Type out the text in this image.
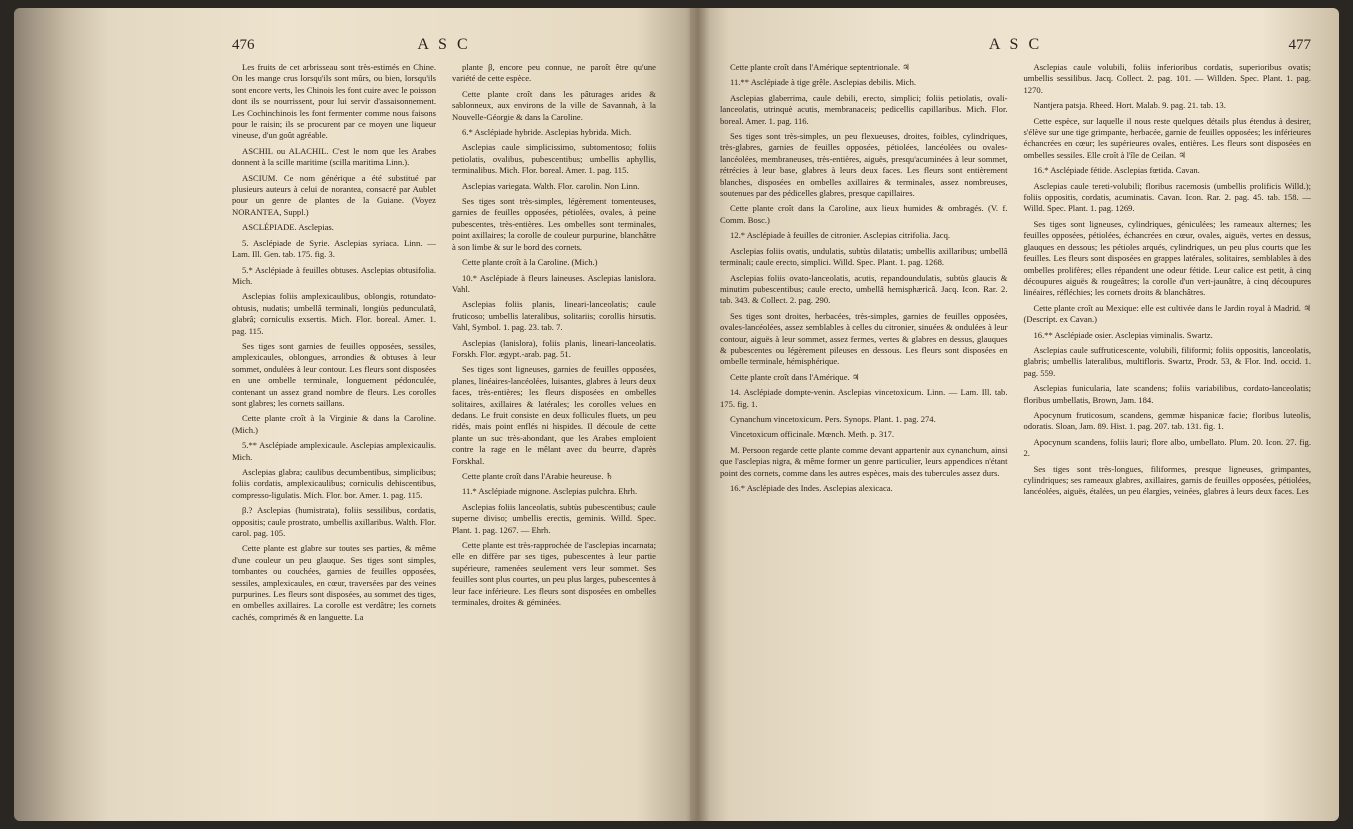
476	A S C

Les fruits de cet arbrisseau sont très-estimés en Chine. On les mange crus lorsqu'ils sont mûrs, ou bien, lorsqu'ils sont encore verts, les Chinois les font cuire avec le poisson dont ils se nourrissent, pour lui servir d'assaisonnement. Les Cochinchinois les font fermenter comme nous faisons pour le raisin; ils se procurent par ce moyen une liqueur vineuse, d'un goût agréable.

ASCHIL ou ALACHIL. C'est le nom que les Arabes donnent à la scille maritime (scilla maritima Linn.).

ASCIUM. Ce nom générique a été substitué par plusieurs auteurs à celui de norantea, consacré par Aublet pour un genre de plantes de la Guiane. (Voyez NORANTEA, Suppl.)

ASCLÉPIADE. Asclepias.

5. Asclépiade de Syrie. Asclepias syriaca. Linn. — Lam. Ill. Gen. tab. 175. fig. 3.

5.* Asclépiade à feuilles obtuses. Asclepias obtusifolia. Mich.

Asclepias foliis amplexicaulibus, oblongis, rotundato-obtusis, nudatis; umbellâ terminali, longiùs pedunculatâ, glabrâ; corniculis exsertis. Mich. Flor. boreal. Amer. 1. pag. 115.

Ses tiges sont garnies de feuilles opposées, sessiles, amplexicaules, oblongues, arrondies & obtuses à leur sommet, ondulées à leur contour. Les fleurs sont disposées en une ombelle terminale, longuement pédonculée, contenant un assez grand nombre de fleurs. Les corolles sont glabres; les cornets saillans.

Cette plante croît à la Virginie & dans la Caroline. (Mich.)

5.** Asclépiade amplexicaule. Asclepias amplexicaulis. Mich.

Asclepias glabra; caulibus decumbentibus, simplicibus; foliis cordatis, amplexicaulibus; corniculis dehiscentibus, compresso-ligulatis. Mich. Flor. bor. Amer. 1. pag. 115.

β.? Asclepias (humistrata), foliis sessilibus, cordatis, oppositis; caule prostrato, umbellis axillaribus. Walth. Flor. carol. pag. 105.

Cette plante est glabre sur toutes ses parties, & même d'une couleur un peu glauque. Ses tiges sont simples, tombantes ou couchées, garnies de feuilles opposées, sessiles, amplexicaules, en cœur, traversées par des veines purpurines. Les fleurs sont disposées, au sommet des tiges, en ombelles axillaires. La corolle est verdâtre; les cornets cachés, comprimés & en languette. La

plante β, encore peu connue, ne paroît être qu'une variété de cette espèce.

Cette plante croît dans les pâturages arides & sablonneux, aux environs de la ville de Savannah, à la Nouvelle-Géorgie & dans la Caroline.

6.* Asclépiade hybride. Asclepias hybrida. Mich.

Asclepias caule simplicissimo, subtomentoso; foliis petiolatis, ovalibus, pubescentibus; umbellis aphyllis, terminalibus. Mich. Flor. boreal. Amer. 1. pag. 115.

Asclepias variegata. Walth. Flor. carolin. Non Linn.

Ses tiges sont très-simples, légèrement tomenteuses, garnies de feuilles opposées, pétiolées, ovales, à peine pubescentes, très-entières. Les ombelles sont terminales, point axillaires; la corolle de couleur purpurine, blanchâtre à son limbe & sur le bord des cornets.

Cette plante croît à la Caroline. (Mich.)

10.* Asclépiade à fleurs laineuses. Asclepias lanislora. Vahl.

Asclepias foliis planis, lineari-lanceolatis; caule fruticoso; umbellis lateralibus, solitariis; corollis hirsutis. Vahl, Symbol. 1. pag. 23. tab. 7.

Asclepias (lanislora), foliis planis, lineari-lanceolatis. Forskh. Flor. ægypt.-arab. pag. 51.

Ses tiges sont ligneuses, garnies de feuilles opposées, planes, linéaires-lancéolées, luisantes, glabres à leurs deux faces, très-entières; les fleurs disposées en ombelles solitaires, axillaires & latérales; les corolles velues en dedans. Le fruit consiste en deux follicules fluets, un peu ridés, mais point enflés ni hispides. Il découle de cette plante un suc très-abondant, que les Arabes emploient contre la rage en le mêlant avec du beurre, d'après Forskhal.

Cette plante croît dans l'Arabie heureuse. ♄

11.* Asclépiade mignone. Asclepias pulchra. Ehrh.

Asclepias foliis lanceolatis, subtùs pubescentibus; caule superne diviso; umbellis erectis, geminis. Willd. Spec. Plant. 1. pag. 1267. — Ehrh.

Cette plante est très-rapprochée de l'asclepias incarnata; elle en diffère par ses tiges, pubescentes à leur partie supérieure, ramenées seulement vers leur sommet. Ses feuilles sont plus courtes, un peu plus larges, pubescentes à leur face inférieure. Les fleurs sont disposées en ombelles terminales, droites & géminées.

A S C	477

Cette plante croît dans l'Amérique septentrionale. ♃

11.** Asclépiade à tige grêle. Asclepias debilis. Mich.

Asclepias glaberrima, caule debili, erecto, simplici; foliis petiolatis, ovali-lanceolatis, utrinquè acutis, membranaceis; pedicellis capillaribus. Mich. Flor. boreal. Amer. 1. pag. 116.

Ses tiges sont très-simples, un peu flexueuses, droites, foibles, cylindriques, très-glabres, garnies de feuilles opposées, pétiolées, lancéolées ou ovales-lancéolées, membraneuses, très-entières, aiguës, presqu'acuminées à leur sommet, rétrécies à leur base, glabres à leurs deux faces. Les fleurs sont entièrement blanches, disposées en ombelles axillaires & terminales, assez nombreuses, soutenues par des pédicelles glabres, presque capillaires.

Cette plante croît dans la Caroline, aux lieux humides & ombragés. (V. f. Comm. Bosc.)

12.* Asclépiade à feuilles de citronier. Asclepias citrifolia. Jacq.

Asclepias foliis ovatis, undulatis, subtùs dilatatis; umbellis axillaribus; umbellâ terminali; caule erecto, simplici. Willd. Spec. Plant. 1. pag. 1268.

Asclepias foliis ovato-lanceolatis, acutis, repandoundulatis, subtùs glaucis & minutim pubescentibus; caule erecto, umbellâ hemisphæricâ. Jacq. Icon. Rar. 2. tab. 343. & Collect. 2. pag. 290.

Ses tiges sont droites, herbacées, très-simples, garnies de feuilles opposées, ovales-lancéolées, assez semblables à celles du citronier, sinuées & ondulées à leur contour, aiguës à leur sommet, assez fermes, vertes & glabres en dessus, glauques & pubescentes ou légèrement pileuses en dessous. Les fleurs sont disposées en ombelle terminale, hémisphérique.

Cette plante croît dans l'Amérique. ♃

14. Asclépiade dompte-venin. Asclepias vincetoxicum. Linn. — Lam. Ill. tab. 175. fig. 1.

Cynanchum vincetoxicum. Pers. Synops. Plant. 1. pag. 274.

Vincetoxicum officinale. Mœnch. Meth. p. 317.

M. Persoon regarde cette plante comme devant appartenir aux cynanchum, ainsi que l'asclepias nigra, & même former un genre particulier, leurs appendices n'étant point des cornets, comme dans les autres espèces, mais des tubercules assez durs.

16.* Asclépiade des Indes. Asclepias alexicaca.

Asclepias caule volubili, foliis inferioribus cordatis, superioribus ovatis; umbellis sessilibus. Jacq. Collect. 2. pag. 101. — Willden. Spec. Plant. 1. pag. 1270.

Nantjera patsja. Rheed. Hort. Malab. 9. pag. 21. tab. 13.

Cette espèce, sur laquelle il nous reste quelques détails plus étendus à desirer, s'élève sur une tige grimpante, herbacée, garnie de feuilles opposées; les inférieures échancrées en cœur; les supérieures ovales, entières. Les fleurs sont disposées en ombelles sessiles. Elle croît à l'île de Ceilan. ♃

16.* Asclépiade fétide. Asclepias fœtida. Cavan.

Asclepias caule tereti-volubili; floribus racemosis (umbellis prolificis Willd.); foliis oppositis, cordatis, acuminatis. Cavan. Icon. Rar. 2. pag. 45. tab. 158. — Willd. Spec. Plant. 1. pag. 1269.

Ses tiges sont ligneuses, cylindriques, géniculées; les rameaux alternes; les feuilles opposées, pétiolées, échancrées en cœur, ovales, aiguës, vertes en dessus, glauques en dessous; les pétioles arqués, cylindriques, un peu plus courts que les feuilles. Les fleurs sont disposées en grappes latérales, solitaires, semblables à des ombelles prolifères; elles répandent une odeur fétide. Leur calice est petit, à cinq découpures aiguës & rougeâtres; la corolle d'un vert-jaunâtre, à cinq découpures linéaires, réfléchies; les cornets droits & blanchâtres.

Cette plante croît au Mexique: elle est cultivée dans le Jardin royal à Madrid. ♃ (Descript. ex Cavan.)

16.** Asclépiade osier. Asclepias viminalis. Swartz.

Asclepias caule suffruticescente, volubili, filiformi; foliis oppositis, lanceolatis, glabris; umbellis lateralibus, multifloris. Swartz, Prodr. 53, & Flor. Ind. occid. 1. pag. 559.

Asclepias funicularia, late scandens; foliis variabilibus, cordato-lanceolatis; floribus umbellatis, Brown, Jam. 184.

Apocynum fruticosum, scandens, gemmæ hispanicæ facie; floribus luteolis, odoratis. Sloan, Jam. 89. Hist. 1. pag. 207. tab. 131. fig. 1.

Apocynum scandens, foliis lauri; flore albo, umbellato. Plum. 20. Icon. 27. fig. 2.

Ses tiges sont très-longues, filiformes, presque ligneuses, grimpantes, cylindriques; ses rameaux glabres, axillaires, garnis de feuilles opposées, pétiolées, lancéolées, aiguës, étalées, un peu élargies, veinées, glabres à leurs deux faces. Les
